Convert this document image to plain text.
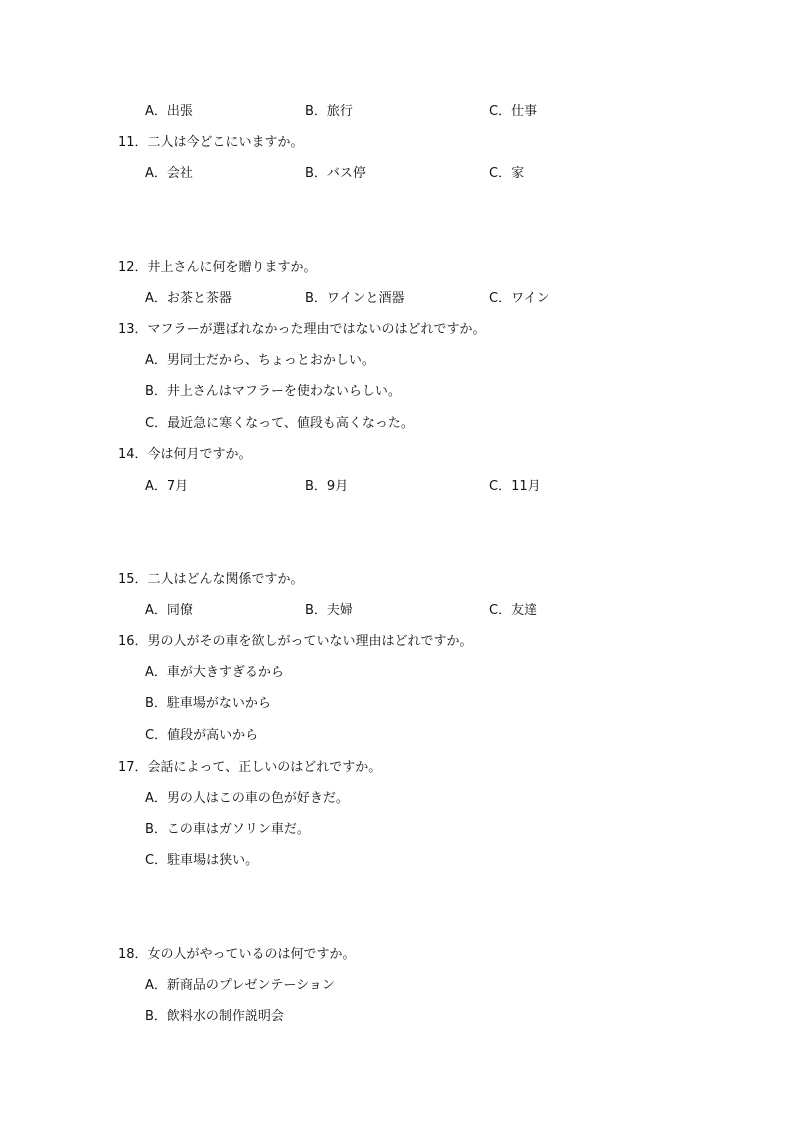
A．出張	B．旅行	C．仕事
11．二人は今どこにいますか。
A．会社	B．バス停	C．家
12．井上さんに何を贈りますか。
A．お茶と茶器	B．ワインと酒器	C．ワイン
13．マフラーが選ばれなかった理由ではないのはどれですか。
A．男同士だから、ちょっとおかしい。
B．井上さんはマフラーを使わないらしい。
C．最近急に寒くなって、値段も高くなった。
14．今は何月ですか。
A．7月	B．9月	C．11月
15．二人はどんな関係ですか。
A．同僚	B．夫婦	C．友達
16．男の人がその車を欲しがっていない理由はどれですか。
A．車が大きすぎるから
B．駐車場がないから
C．値段が高いから
17．会話によって、正しいのはどれですか。
A．男の人はこの車の色が好きだ。
B．この車はガソリン車だ。
C．駐車場は狭い。
18．女の人がやっているのは何ですか。
A．新商品のプレゼンテーション
B．飲料水の制作説明会
